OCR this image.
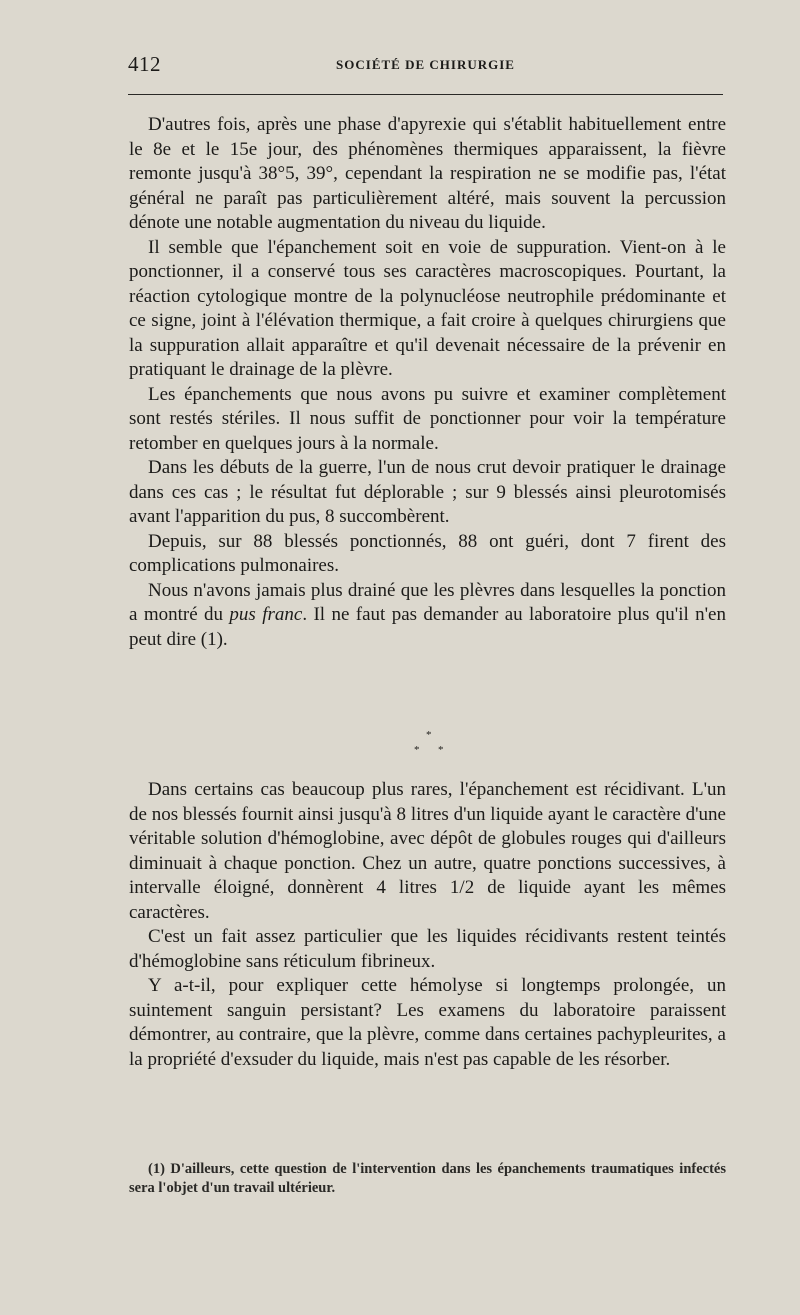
412	SOCIÉTÉ DE CHIRURGIE

D'autres fois, après une phase d'apyrexie qui s'établit habituellement entre le 8e et le 15e jour, des phénomènes thermiques apparaissent, la fièvre remonte jusqu'à 38°5, 39°, cependant la respiration ne se modifie pas, l'état général ne paraît pas particulièrement altéré, mais souvent la percussion dénote une notable augmentation du niveau du liquide.

Il semble que l'épanchement soit en voie de suppuration. Vient-on à le ponctionner, il a conservé tous ses caractères macroscopiques. Pourtant, la réaction cytologique montre de la polynucléose neutrophile prédominante et ce signe, joint à l'élévation thermique, a fait croire à quelques chirurgiens que la suppuration allait apparaître et qu'il devenait nécessaire de la prévenir en pratiquant le drainage de la plèvre.

Les épanchements que nous avons pu suivre et examiner complètement sont restés stériles. Il nous suffit de ponctionner pour voir la température retomber en quelques jours à la normale.

Dans les débuts de la guerre, l'un de nous crut devoir pratiquer le drainage dans ces cas ; le résultat fut déplorable ; sur 9 blessés ainsi pleurotomisés avant l'apparition du pus, 8 succombèrent.

Depuis, sur 88 blessés ponctionnés, 88 ont guéri, dont 7 firent des complications pulmonaires.

Nous n'avons jamais plus drainé que les plèvres dans lesquelles la ponction a montré du pus franc. Il ne faut pas demander au laboratoire plus qu'il n'en peut dire (1).

*
* *

Dans certains cas beaucoup plus rares, l'épanchement est récidivant. L'un de nos blessés fournit ainsi jusqu'à 8 litres d'un liquide ayant le caractère d'une véritable solution d'hémoglobine, avec dépôt de globules rouges qui d'ailleurs diminuait à chaque ponction. Chez un autre, quatre ponctions successives, à intervalle éloigné, donnèrent 4 litres 1/2 de liquide ayant les mêmes caractères.

C'est un fait assez particulier que les liquides récidivants restent teintés d'hémoglobine sans réticulum fibrineux.

Y a-t-il, pour expliquer cette hémolyse si longtemps prolongée, un suintement sanguin persistant? Les examens du laboratoire paraissent démontrer, au contraire, que la plèvre, comme dans certaines pachypleurites, a la propriété d'exsuder du liquide, mais n'est pas capable de les résorber.

(1) D'ailleurs, cette question de l'intervention dans les épanchements traumatiques infectés sera l'objet d'un travail ultérieur.
